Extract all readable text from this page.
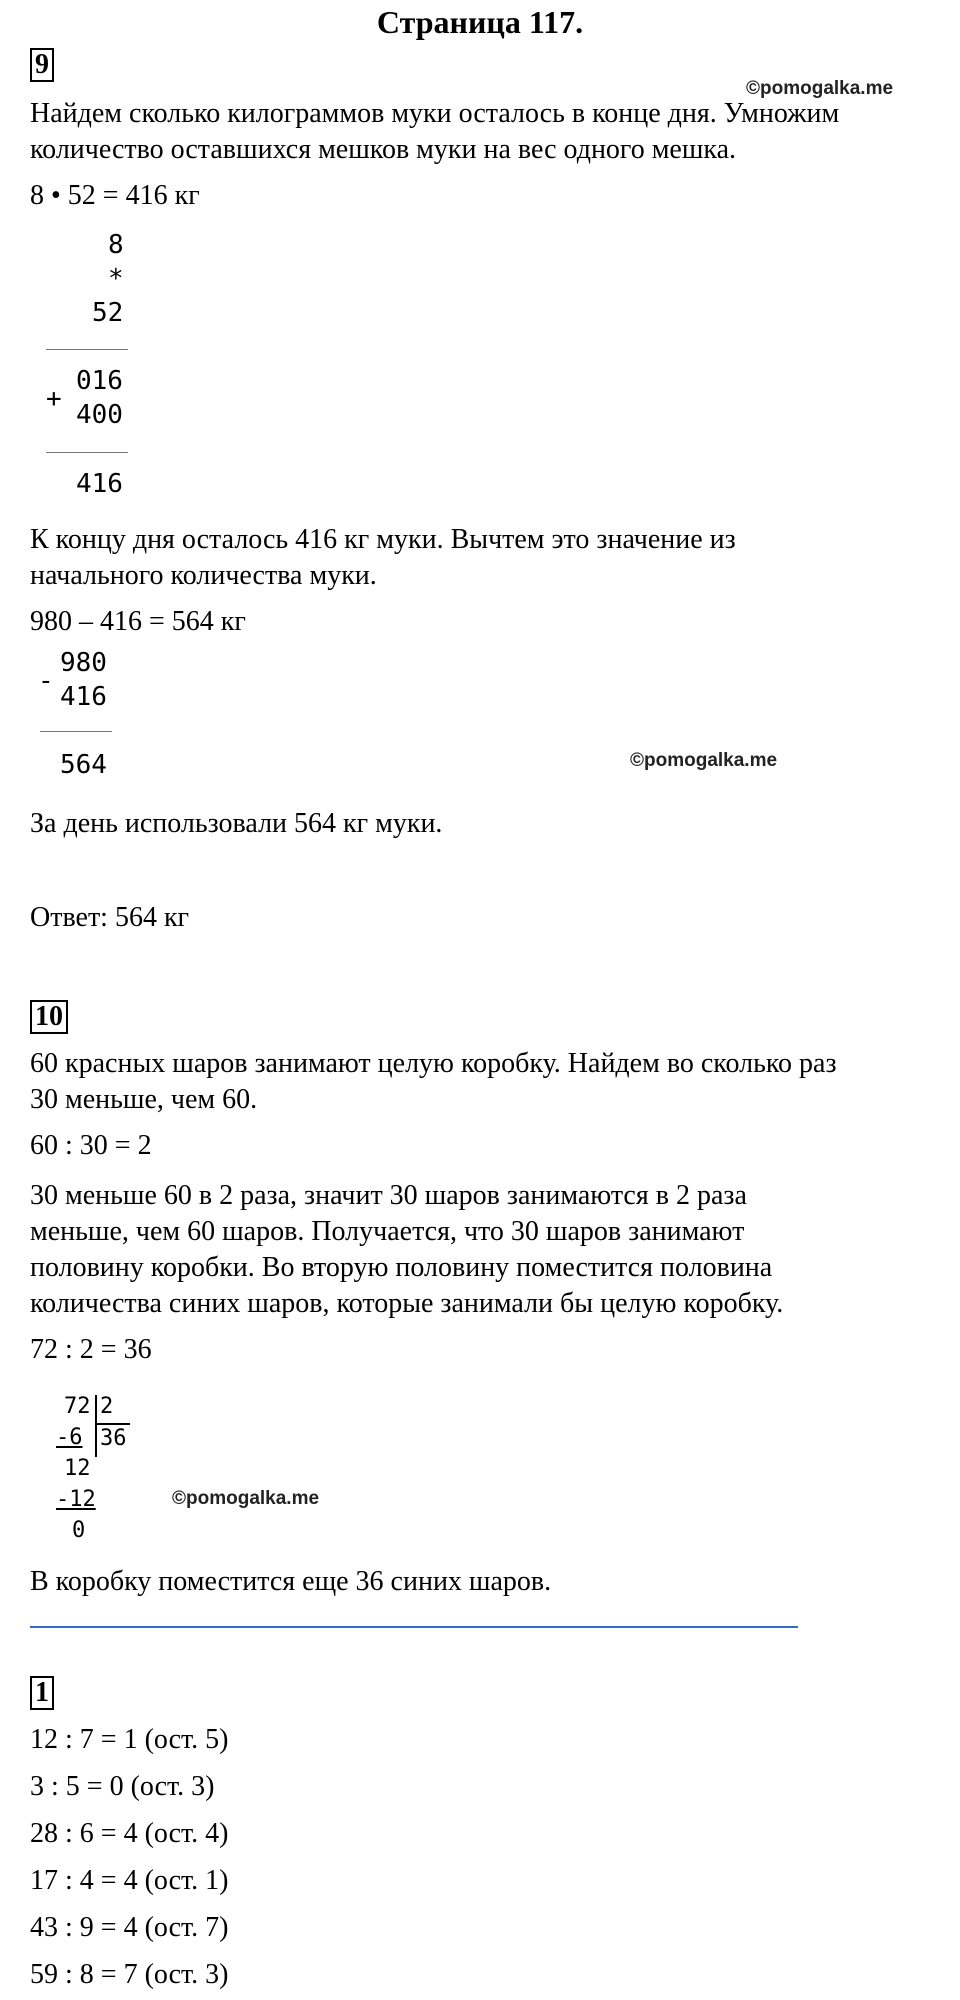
Страница 117.
9
©pomogalka.me
Найдем сколько килограммов муки осталось в конце дня. Умножим
количество оставшихся мешков муки на вес одного мешка.
8 • 52 = 416 кг
8
*
52
016
+
400
416
К концу дня осталось 416 кг муки. Вычтем это значение из
начального количества муки.
980 – 416 = 564 кг
980
-
416
564	©pomogalka.me
За день использовали 564 кг муки.
Ответ: 564 кг
10
60 красных шаров занимают целую коробку. Найдем во сколько раз
30 меньше, чем 60.
60 : 30 = 2
30 меньше 60 в 2 раза, значит 30 шаров занимаются в 2 раза
меньше, чем 60 шаров. Получается, что 30 шаров занимают
половину коробки. Во вторую половину поместится половина
количества синих шаров, которые занимали бы целую коробку.
72 : 2 = 36
72 2
-6 36
12
-12
0
©pomogalka.me
В коробку поместится еще 36 синих шаров.
1
12 : 7 = 1 (ост. 5)
3 : 5 = 0 (ост. 3)
28 : 6 = 4 (ост. 4)
17 : 4 = 4 (ост. 1)
43 : 9 = 4 (ост. 7)
59 : 8 = 7 (ост. 3)
